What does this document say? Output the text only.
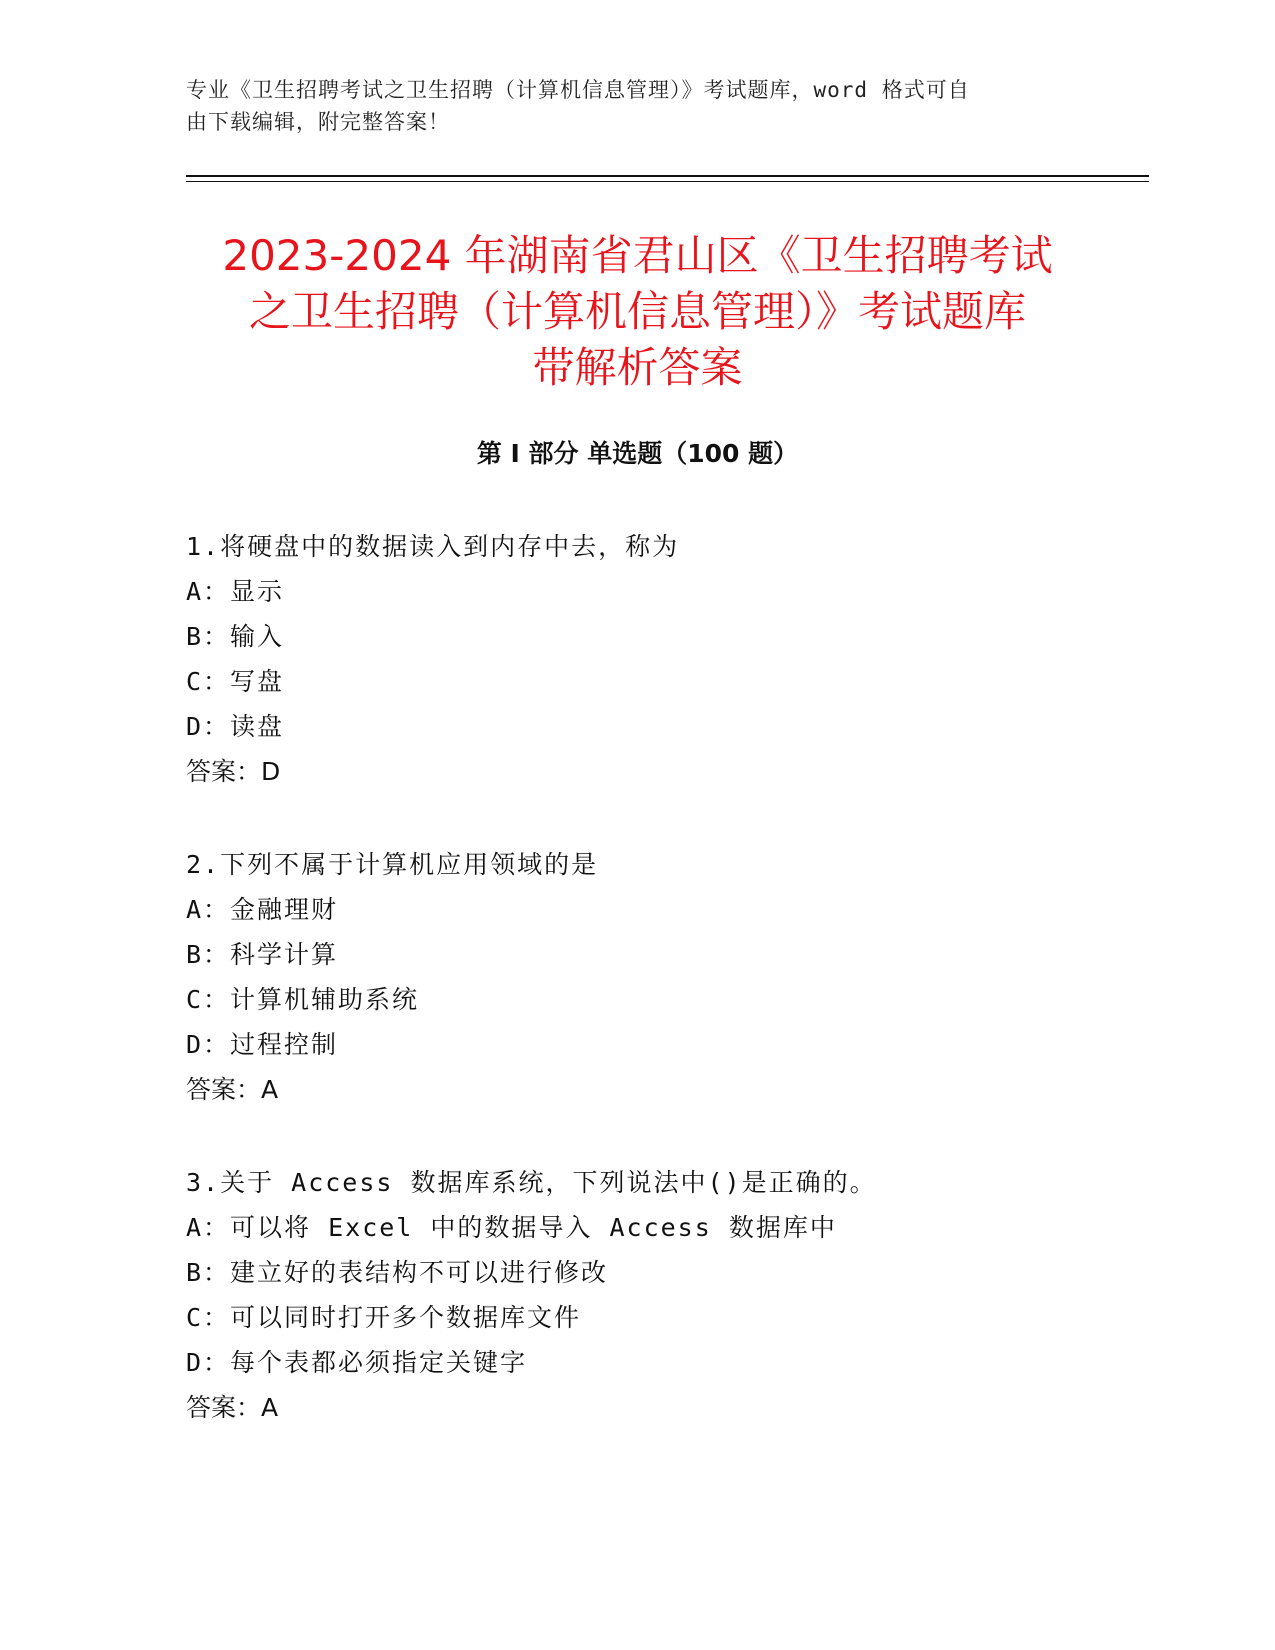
专业《卫生招聘考试之卫生招聘（计算机信息管理）》考试题库，word 格式可自
由下载编辑，附完整答案！
2023-2024 年湖南省君山区《卫生招聘考试
之卫生招聘（计算机信息管理）》考试题库
带解析答案
第 I 部分 单选题（100 题）
1.将硬盘中的数据读入到内存中去，称为
A：显示
B：输入
C：写盘
D：读盘
答案：D
2.下列不属于计算机应用领域的是
A：金融理财
B：科学计算
C：计算机辅助系统
D：过程控制
答案：A
3.关于 Access 数据库系统，下列说法中()是正确的。
A：可以将 Excel 中的数据导入 Access 数据库中
B：建立好的表结构不可以进行修改
C：可以同时打开多个数据库文件
D：每个表都必须指定关键字
答案：A
